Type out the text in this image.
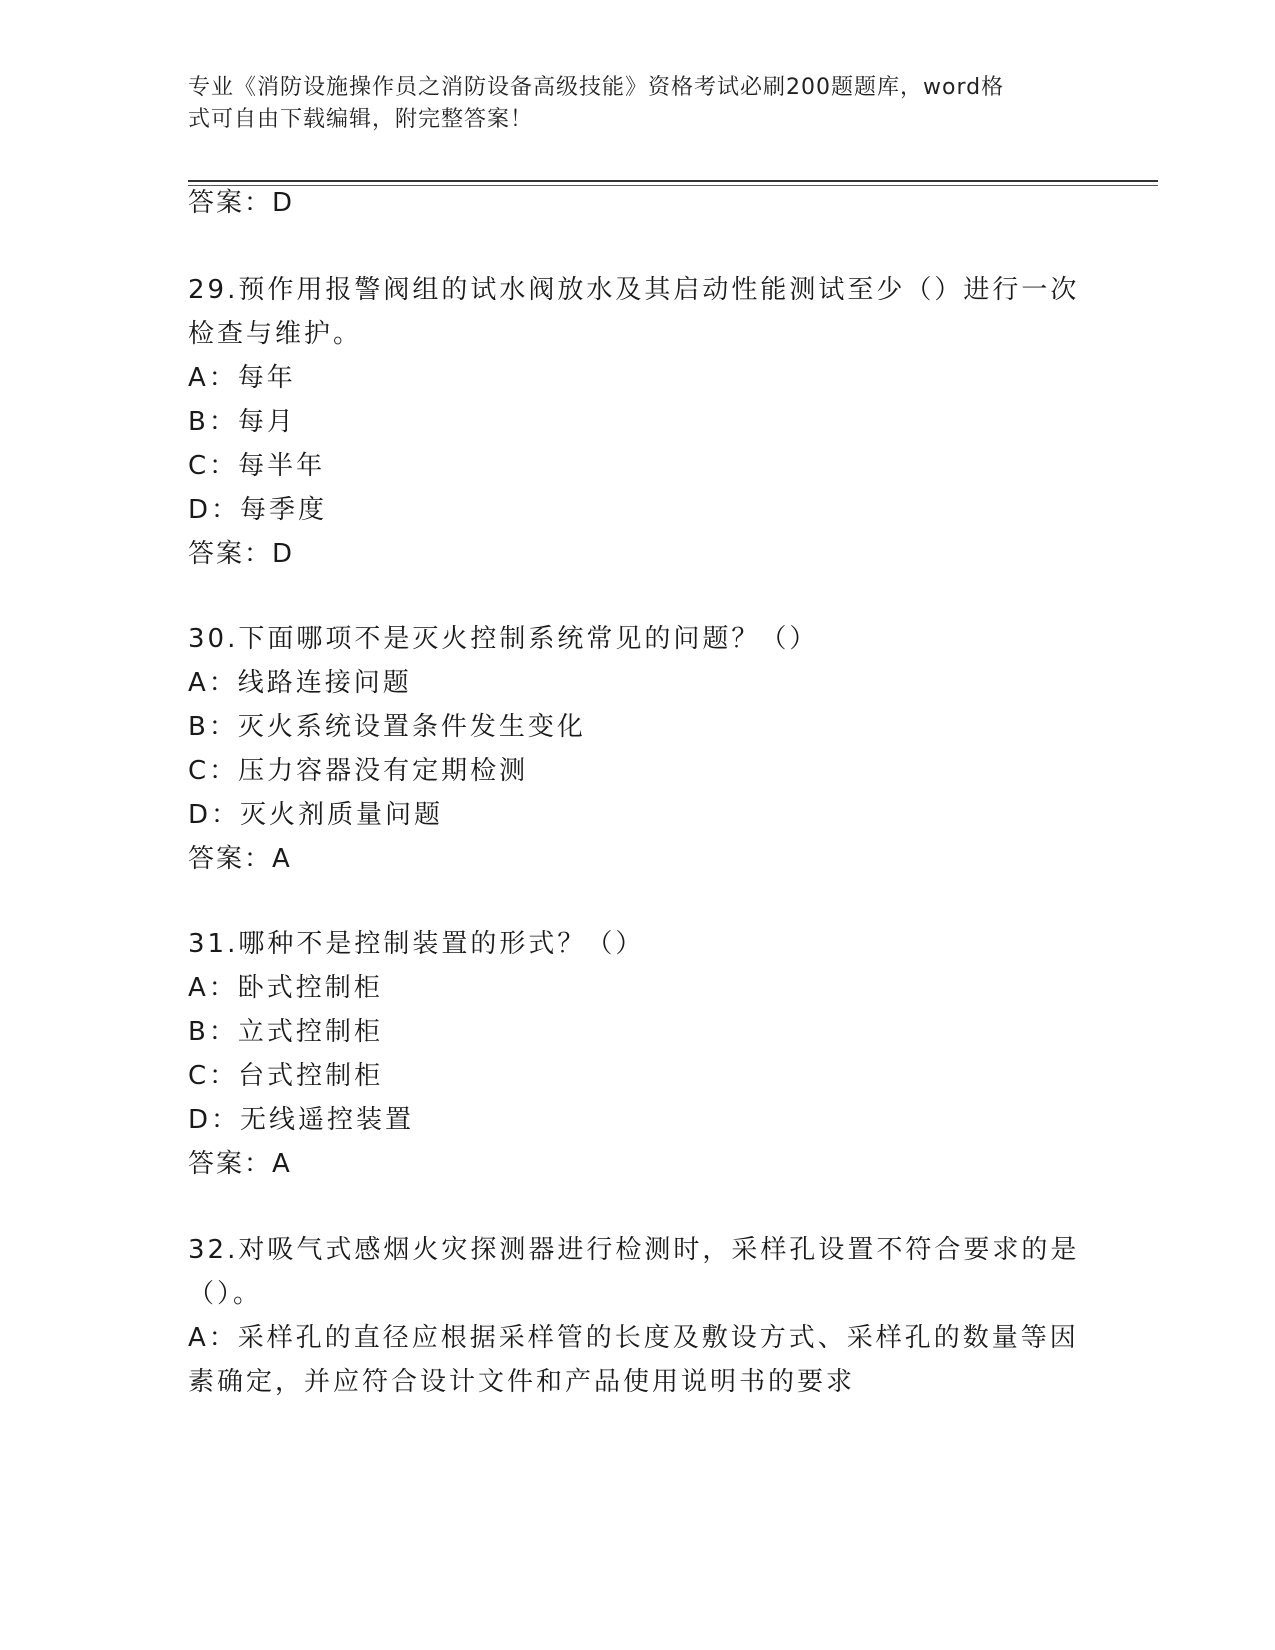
专业《消防设施操作员之消防设备高级技能》资格考试必刷200题题库，word格
式可自由下载编辑，附完整答案！
答案：D
29.预作用报警阀组的试水阀放水及其启动性能测试至少（）进行一次
检查与维护。
A：每年
B：每月
C：每半年
D：每季度
答案：D
30.下面哪项不是灭火控制系统常见的问题？（）
A：线路连接问题
B：灭火系统设置条件发生变化
C：压力容器没有定期检测
D：灭火剂质量问题
答案：A
31.哪种不是控制装置的形式？（）
A：卧式控制柜
B：立式控制柜
C：台式控制柜
D：无线遥控装置
答案：A
32.对吸气式感烟火灾探测器进行检测时，采样孔设置不符合要求的是
（）。
A：采样孔的直径应根据采样管的长度及敷设方式、采样孔的数量等因
素确定，并应符合设计文件和产品使用说明书的要求
